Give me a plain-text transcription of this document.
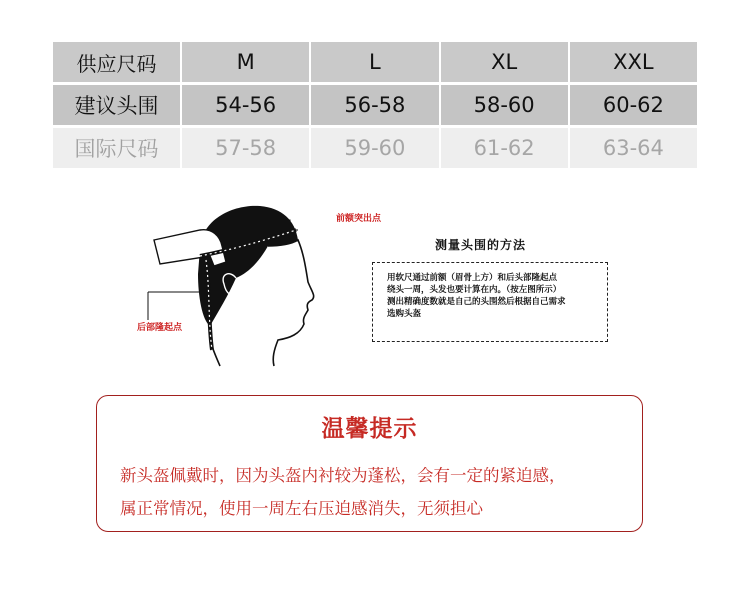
供应尺码	M	L	XL	XXL
建议头围	54-56	56-58	58-60	60-62
国际尺码	57-58	59-60	61-62	63-64
前额突出点
后部隆起点
测量头围的方法
用软尺通过前额（眉骨上方）和后头部隆起点
绕头一周，头发也要计算在内。（按左图所示）
测出精确度数就是自己的头围然后根据自己需求
选购头盔
温馨提示
新头盔佩戴时，因为头盔内衬较为蓬松，会有一定的紧迫感，
属正常情况，使用一周左右压迫感消失，无须担心
